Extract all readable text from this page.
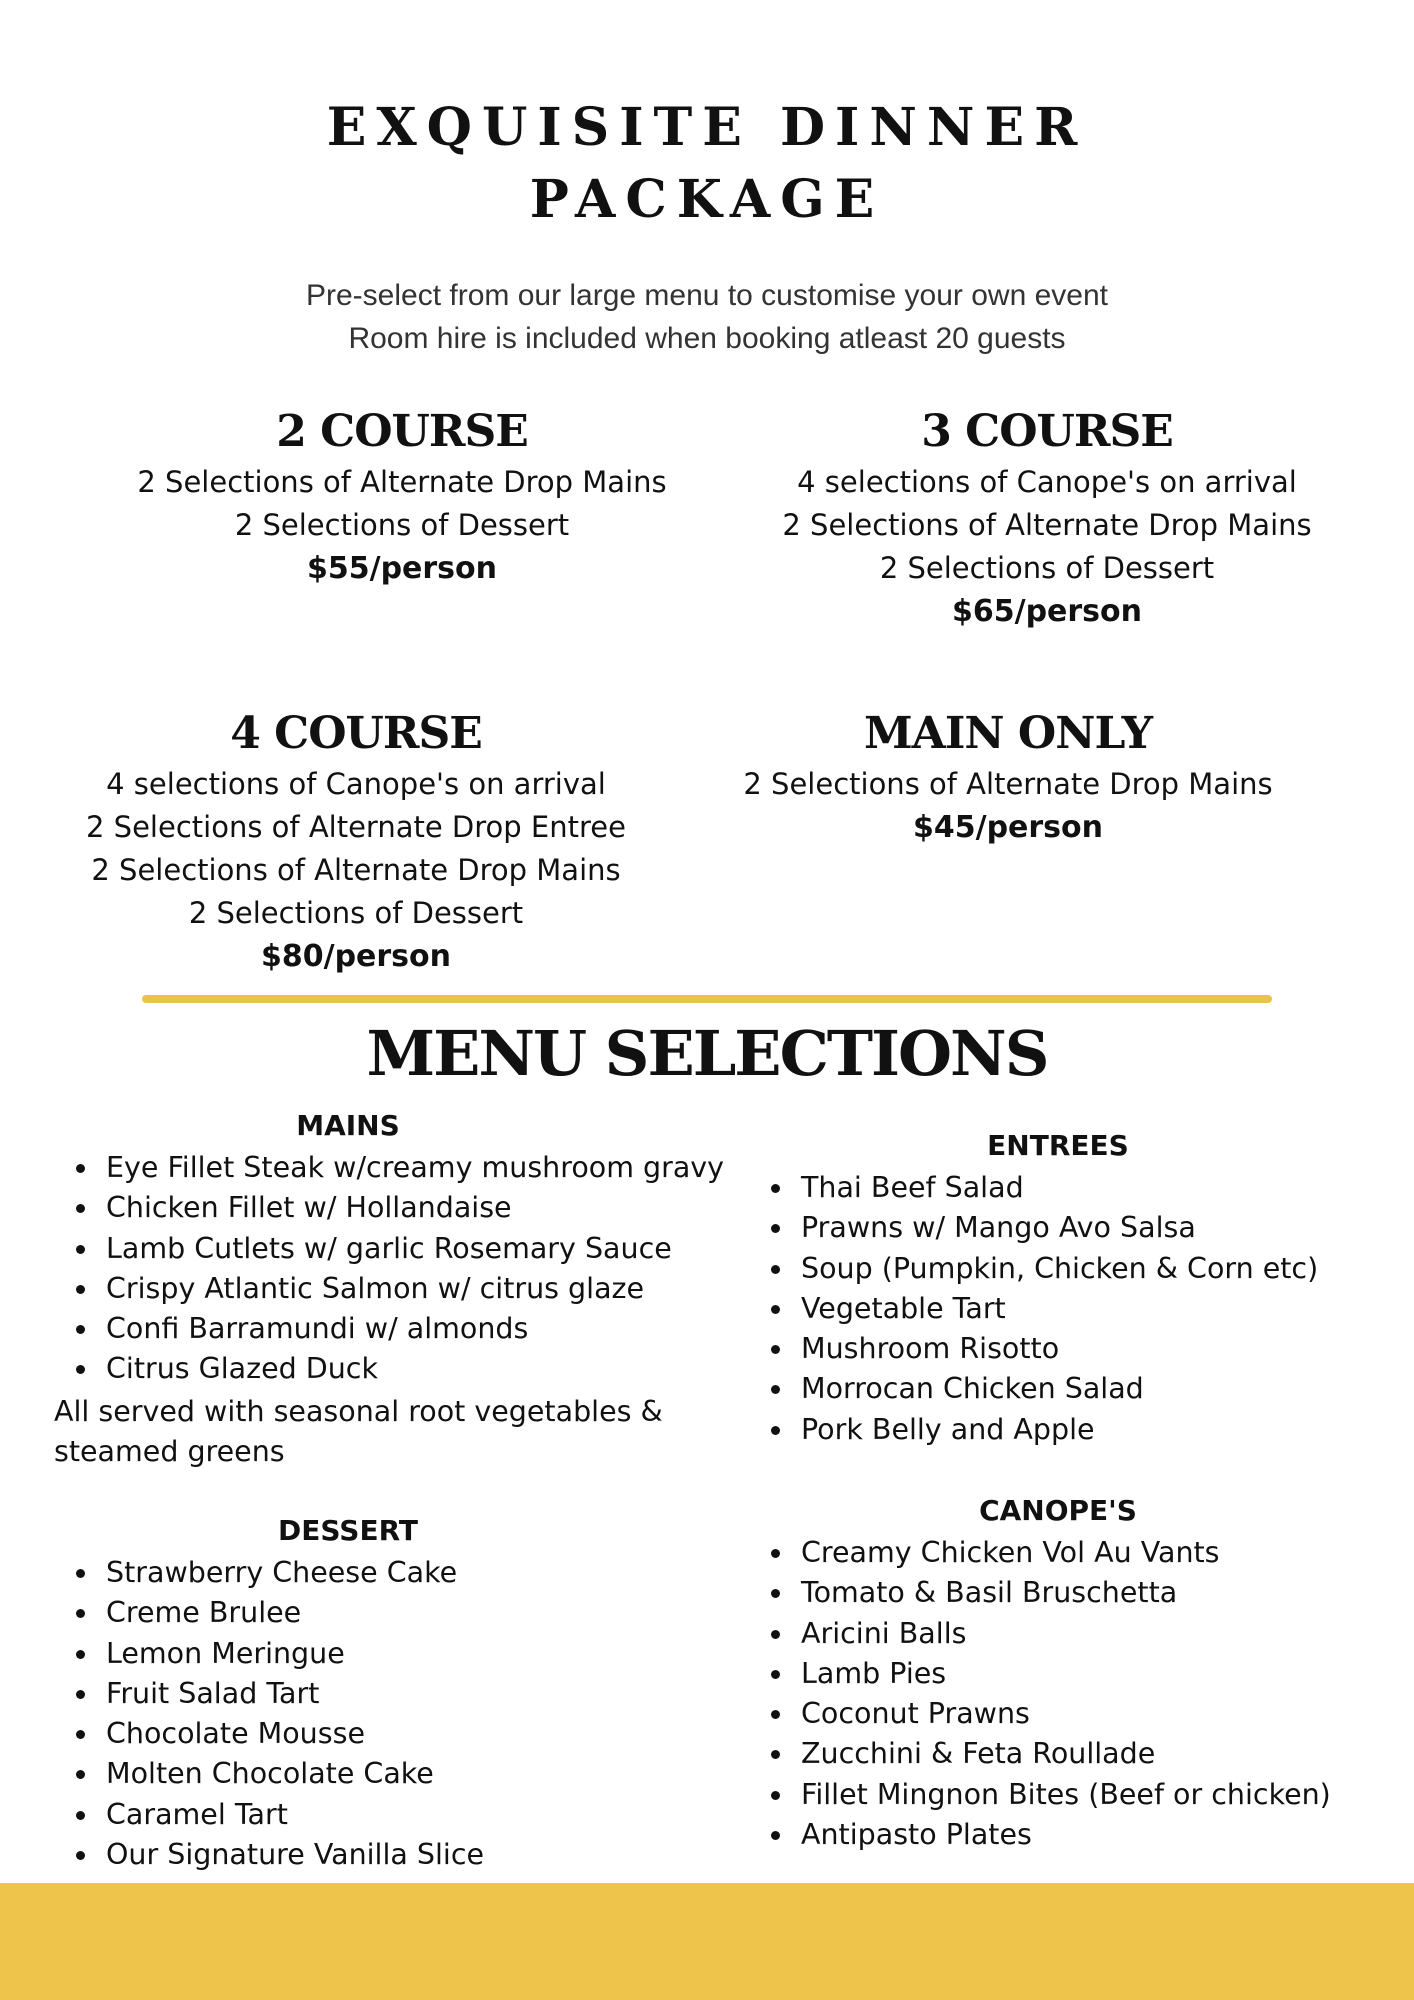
EXQUISITE DINNER
PACKAGE
Pre-select from our large menu to customise your own event
Room hire is included when booking atleast 20 guests
2 COURSE
2 Selections of Alternate Drop Mains
2 Selections of Dessert
$55/person
3 COURSE
4 selections of Canope's on arrival
2 Selections of Alternate Drop Mains
2 Selections of Dessert
$65/person
4 COURSE
4 selections of Canope's on arrival
2 Selections of Alternate Drop Entree
2 Selections of Alternate Drop Mains
2 Selections of Dessert
$80/person
MAIN ONLY
2 Selections of Alternate Drop Mains
$45/person
MENU SELECTIONS
MAINS
Eye Fillet Steak w/creamy mushroom gravy
Chicken Fillet w/ Hollandaise
Lamb Cutlets w/ garlic Rosemary Sauce
Crispy Atlantic Salmon w/ citrus glaze
Confi Barramundi w/ almonds
Citrus Glazed Duck
All served with seasonal root vegetables &
steamed greens
ENTREES
Thai Beef Salad
Prawns w/ Mango Avo Salsa
Soup (Pumpkin, Chicken & Corn etc)
Vegetable Tart
Mushroom Risotto
Morrocan Chicken Salad
Pork Belly and Apple
DESSERT
Strawberry Cheese Cake
Creme Brulee
Lemon Meringue
Fruit Salad Tart
Chocolate Mousse
Molten Chocolate Cake
Caramel Tart
Our Signature Vanilla Slice
CANOPE'S
Creamy Chicken Vol Au Vants
Tomato & Basil Bruschetta
Aricini Balls
Lamb Pies
Coconut Prawns
Zucchini & Feta Roullade
Fillet Mingnon Bites (Beef or chicken)
Antipasto Plates
